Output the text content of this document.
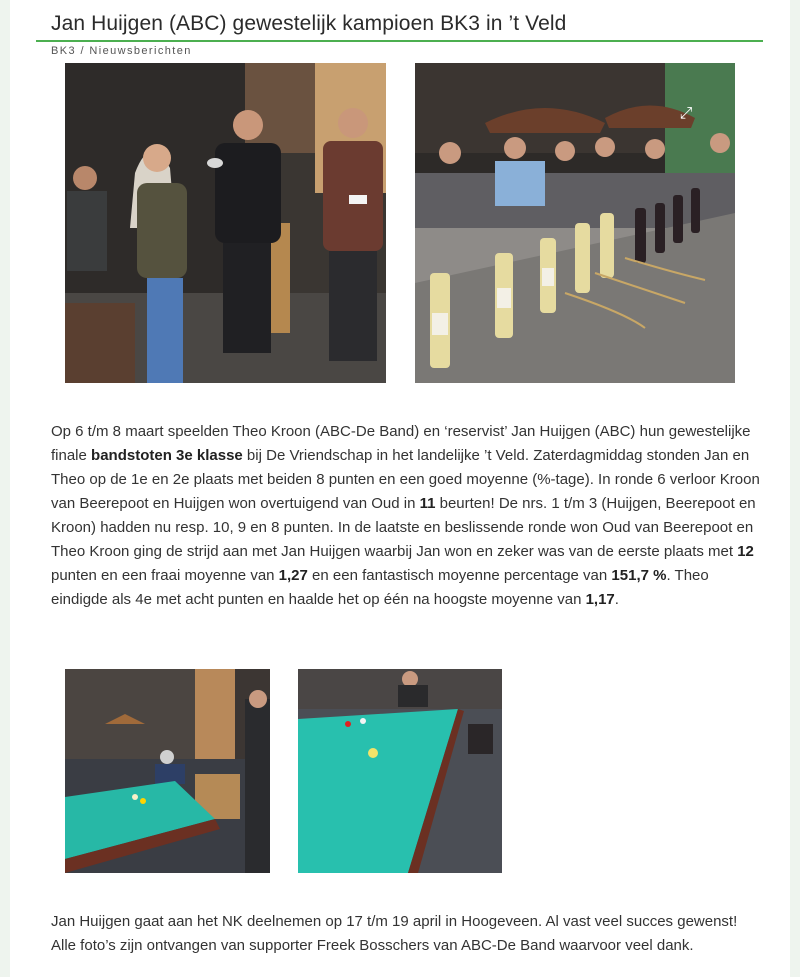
Jan Huijgen (ABC) gewestelijk kampioen BK3 in ’t Veld
BK3 / Nieuwsberichten
⤢

Op 6 t/m 8 maart speelden Theo Kroon (ABC-De Band) en ‘reservist’ Jan Huijgen (ABC) hun gewestelijke finale bandstoten 3e klasse bij De Vriendschap in het landelijke ’t Veld. Zaterdagmiddag stonden Jan en Theo op de 1e en 2e plaats met beiden 8 punten en een goed moyenne (%-tage). In ronde 6 verloor Kroon van Beerepoot en Huijgen won overtuigend van Oud in 11 beurten! De nrs. 1 t/m 3 (Huijgen, Beerepoot en Kroon) hadden nu resp. 10, 9 en 8 punten. In de laatste en beslissende ronde won Oud van Beerepoot en Theo Kroon ging de strijd aan met Jan Huijgen waarbij Jan won en zeker was van de eerste plaats met 12 punten en een fraai moyenne van 1,27 en een fantastisch moyenne percentage van 151,7 %. Theo eindigde als 4e met acht punten en haalde het op één na hoogste moyenne van 1,17.

Jan Huijgen gaat aan het NK deelnemen op 17 t/m 19 april in Hoogeveen. Al vast veel succes gewenst!
Alle foto’s zijn ontvangen van supporter Freek Bosschers van ABC-De Band waarvoor veel dank.
